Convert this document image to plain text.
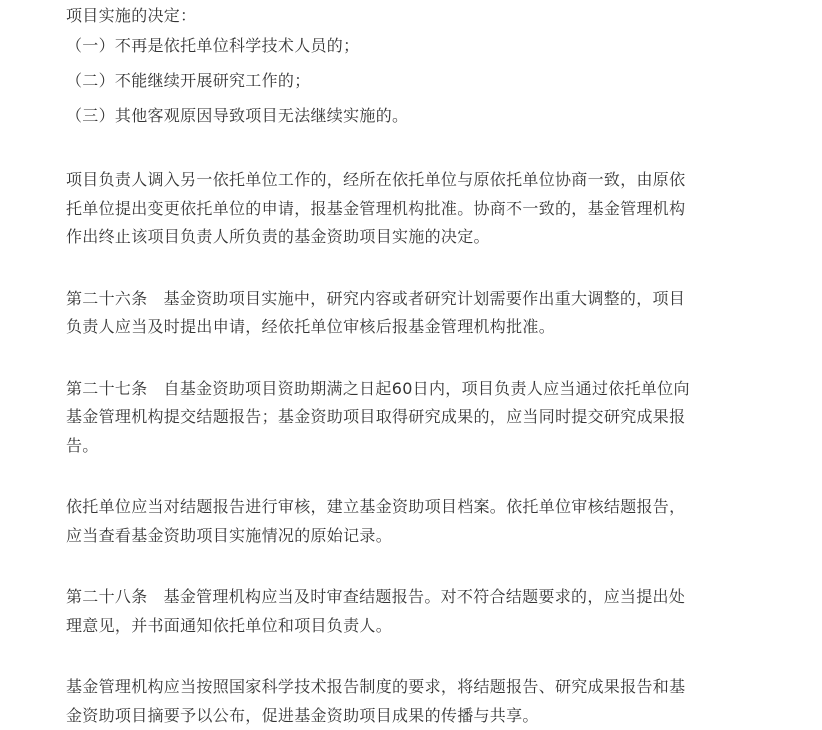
项目实施的决定：
（一）不再是依托单位科学技术人员的；
（二）不能继续开展研究工作的；
（三）其他客观原因导致项目无法继续实施的。
项目负责人调入另一依托单位工作的，经所在依托单位与原依托单位协商一致，由原依
托单位提出变更依托单位的申请，报基金管理机构批准。协商不一致的，基金管理机构
作出终止该项目负责人所负责的基金资助项目实施的决定。
第二十六条 基金资助项目实施中，研究内容或者研究计划需要作出重大调整的，项目
负责人应当及时提出申请，经依托单位审核后报基金管理机构批准。
第二十七条 自基金资助项目资助期满之日起60日内，项目负责人应当通过依托单位向
基金管理机构提交结题报告；基金资助项目取得研究成果的，应当同时提交研究成果报
告。
依托单位应当对结题报告进行审核，建立基金资助项目档案。依托单位审核结题报告，
应当查看基金资助项目实施情况的原始记录。
第二十八条 基金管理机构应当及时审查结题报告。对不符合结题要求的，应当提出处
理意见，并书面通知依托单位和项目负责人。
基金管理机构应当按照国家科学技术报告制度的要求，将结题报告、研究成果报告和基
金资助项目摘要予以公布，促进基金资助项目成果的传播与共享。
